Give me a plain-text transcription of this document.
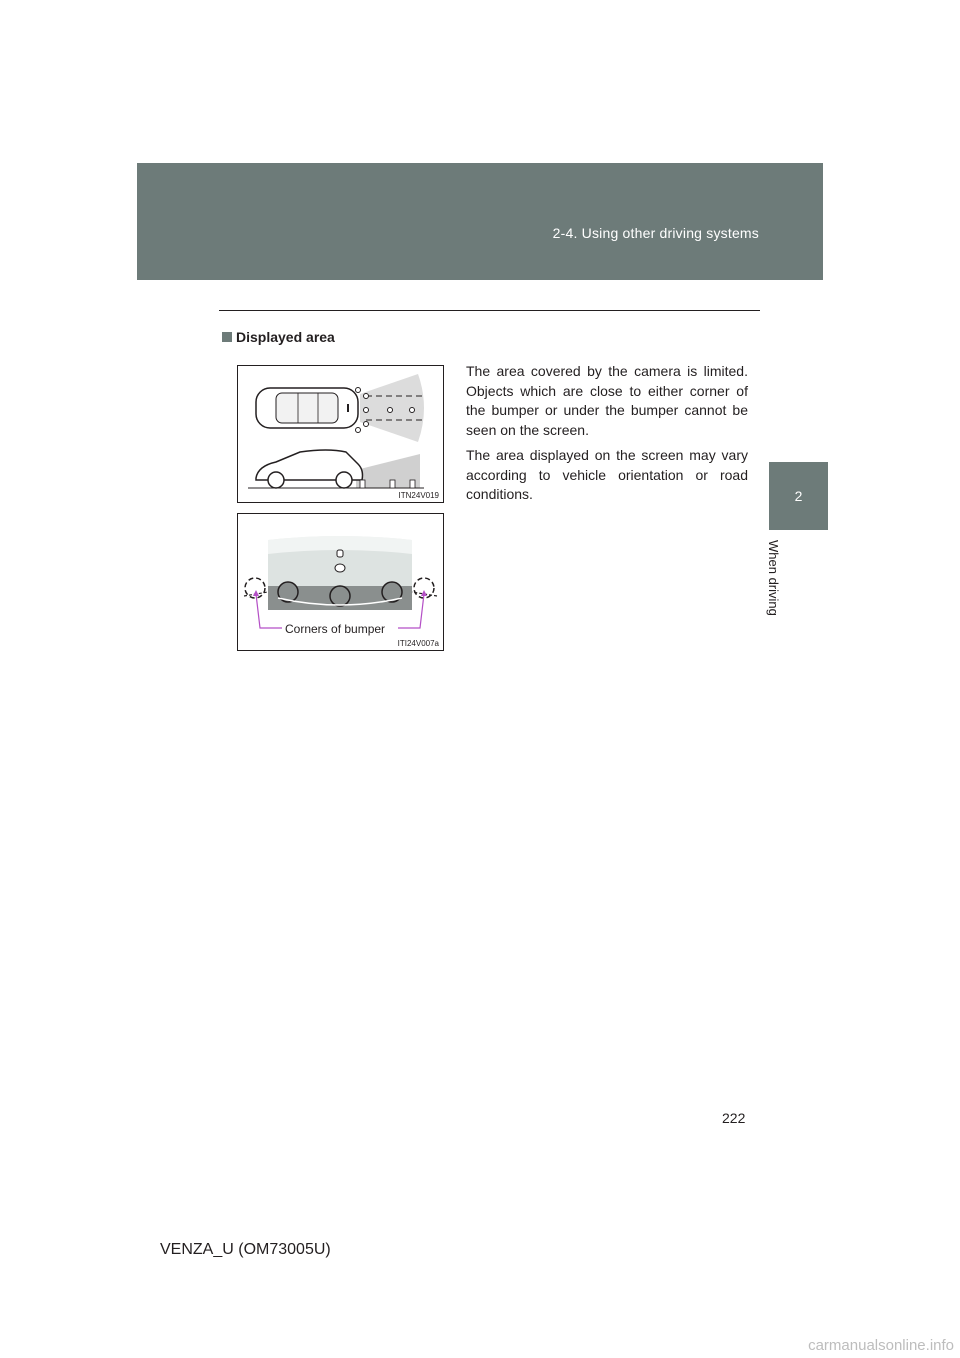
2-4. Using other driving systems
2
When driving
Displayed area

The area covered by the camera is limited. Objects which are close to either corner of the bumper or under the bumper cannot be seen on the screen.

The area displayed on the screen may vary according to vehicle orientation or road conditions.

ITN24V019
Corners of bumper
ITI24V007a
222
VENZA_U (OM73005U)
carmanualsonline.info
